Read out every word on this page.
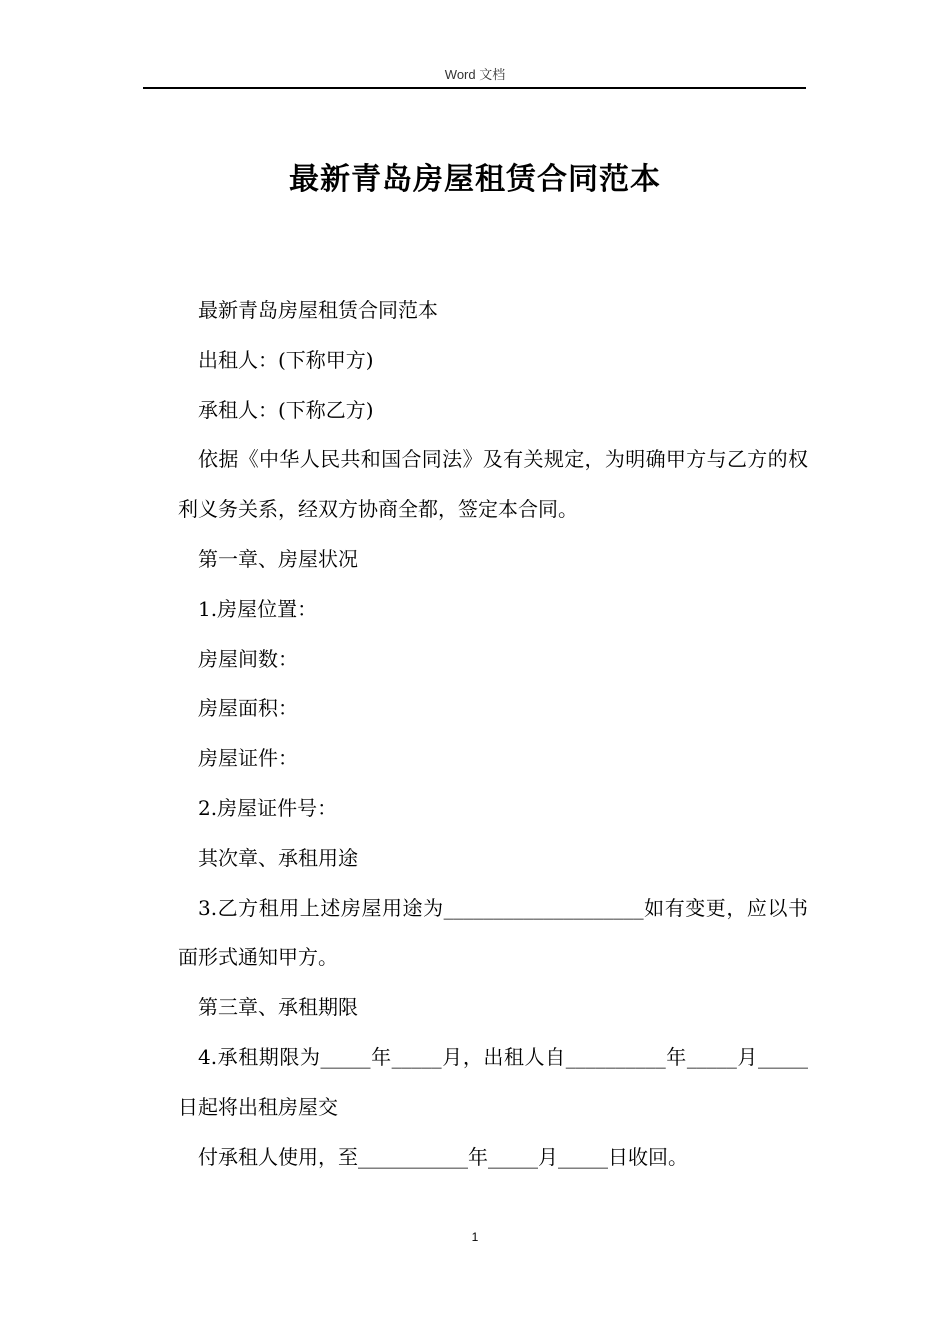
Word 文档
最新青岛房屋租赁合同范本

最新青岛房屋租赁合同范本

出租人：(下称甲方)

承租人：(下称乙方)

依据《中华人民共和国合同法》及有关规定，为明确甲方与乙方的权利义务关系，经双方协商全都，签定本合同。

第一章、房屋状况

1.房屋位置：

房屋间数：

房屋面积：

房屋证件：

2.房屋证件号：

其次章、承租用途

3.乙方租用上述房屋用途为____________________如有变更，应以书面形式通知甲方。

第三章、承租期限

4.承租期限为_____年_____月，出租人自__________年_____月_____日起将出租房屋交

付承租人使用，至___________年_____月_____日收回。

1
